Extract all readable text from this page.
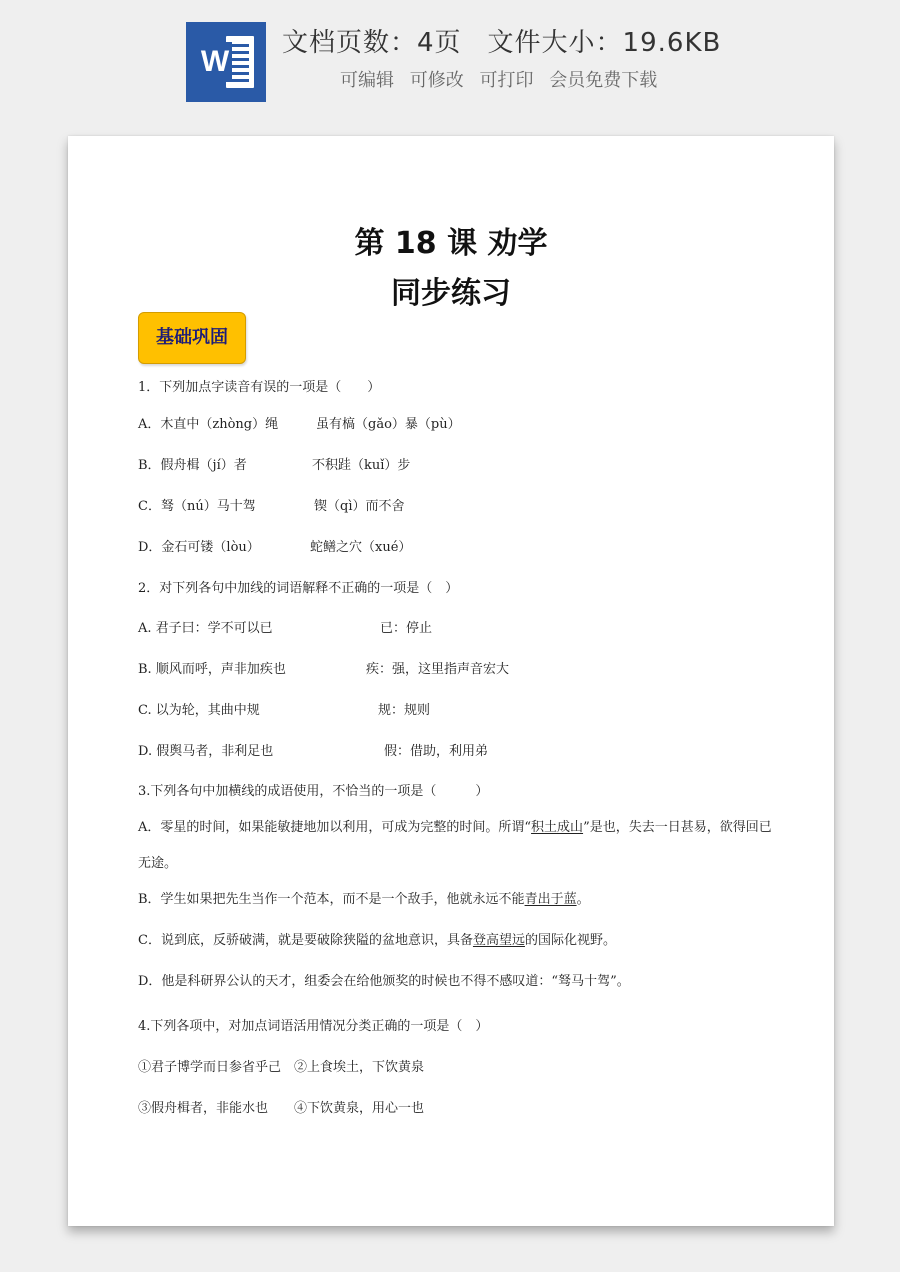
W
文档页数：4页 文件大小：19.6KB
可编辑 可修改 可打印 会员免费下载
第 18 课 劝学
同步练习
基础巩固
1．下列加点字读音有误的一项是（　　）
A．木直中（zhòng）绳	虽有槁（gǎo）暴（pù）
B．假舟楫（jí）者	不积跬（kuǐ）步
C．驽（nú）马十驾	锲（qì）而不舍
D．金石可镂（lòu）	蛇鳝之穴（xué）
2．对下列各句中加线的词语解释不正确的一项是（　）
A. 君子曰：学不可以已	已：停止
B. 顺风而呼，声非加疾也	疾：强，这里指声音宏大
C. 以为轮，其曲中规	规：规则
D. 假舆马者，非利足也	假：借助，利用弟
3.下列各句中加横线的成语使用，不恰当的一项是（　　　）
A．零星的时间，如果能敏捷地加以利用，可成为完整的时间。所谓“积土成山”是也，失去一日甚易，欲得回已无途。
B．学生如果把先生当作一个范本，而不是一个敌手，他就永远不能青出于蓝。
C．说到底，反骄破满，就是要破除狭隘的盆地意识，具备登高望远的国际化视野。
D．他是科研界公认的天才，组委会在给他颁奖的时候也不得不感叹道：“驽马十驾”。
4.下列各项中，对加点词语活用情况分类正确的一项是（　）
①君子博学而日参省乎己　②上食埃土，下饮黄泉
③假舟楫者，非能水也　　④下饮黄泉，用心一也
